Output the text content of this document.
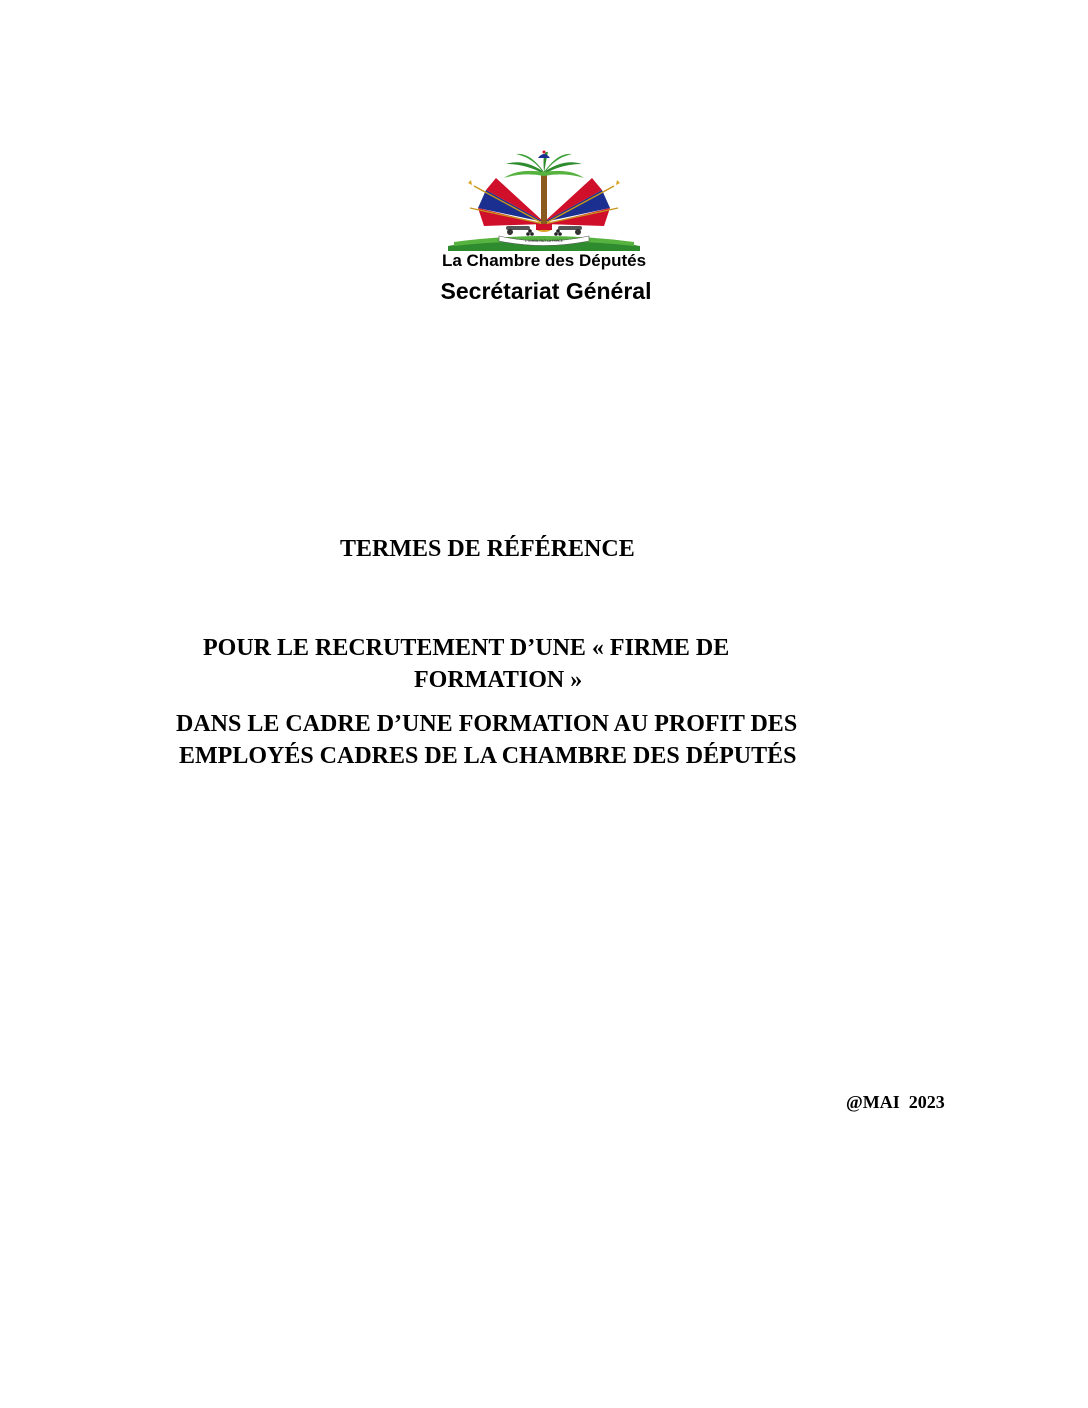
L'UNION FAIT LA FORCE
La Chambre des Députés
Secrétariat Général
TERMES DE RÉFÉRENCE
POUR LE RECRUTEMENT D’UNE « FIRME DE
FORMATION »
DANS LE CADRE D’UNE FORMATION AU PROFIT DES
EMPLOYÉS CADRES DE LA CHAMBRE DES DÉPUTÉS
@MAI  2023
